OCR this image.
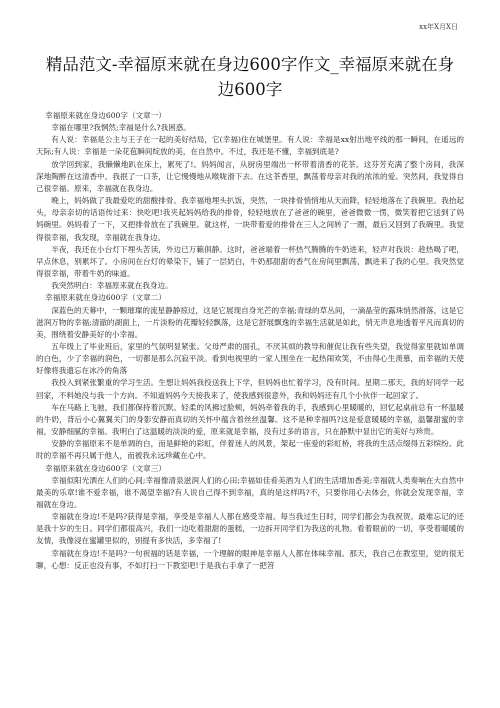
xx年X月X日
精品范文-幸福原来就在身边600字作文_幸福原来就在身边600字

幸福原来就在身边600字（文章一）

幸福在哪里?我惘然;幸福是什么?我困惑。

有人说：幸福是公主与王子在一起的美好结局，它(幸福)住在城堡里。有人说：幸福是xx射出地平线的那一瞬间，在遥远的天际;有人说：幸福是一朵花苞瞬间绽放的美，在自然中。不过，我还是不懂，幸福到底是?

放学回到家，我懒懒地趴在床上，累死了!。妈妈闻言，从厨房里端出一杯带着清香的花茶。这芬芳充满了整个房间，我深深地陶醉在这清香中。我抿了一口茶，让它慢慢地从喉咙滑下去。在这茶香里，飘荡着母亲对我的浓浓的爱。突然间，我觉得自己很幸福。原来，幸福就在我身边。

晚上，妈妈做了我最爱吃的甜酸排骨。我幸福地埋头扒饭，突然，一块排骨悄悄地从天而降，轻轻地落在了我碗里。我抬起头，母亲亲切的话语传过来：快吃吧!我夹起妈妈给我的排骨，轻轻地放在了爸爸的碗里，爸爸微微一愣，微笑着把它送到了妈妈碗里。妈妈看了一下，又把排骨放在了我碗里。就这样，一块带着爱的排骨在三人之间转了一圈，最后又回到了我碗里。我觉得很幸福，我发现，幸福就在我身边。

半夜，我还在小台灯下埋头苦读，外边已万籁俱静。这时，爸爸端着一杯热气腾腾的牛奶进来，轻声对我说：趁热喝了吧，早点休息，别累坏了。小房间在台灯的晕染下，铺了一层奶白，牛奶那甜甜的香气在房间里飘荡，飘进来了我的心里。我突然觉得很幸福，带着牛奶的味道。

我突然明白：幸福原来就在我身边。

幸福原来就在身边600字（文章二）

深蓝色的天幕中，一颗璀璨的流星静静掠过，这是它展现自身光芒的幸福;青绿的草丛间，一滴晶莹的露珠悄然滑落，这是它滋润万物的幸福;清澈的湖面上，一片淡粉的花瓣轻轻飘落，这是它舒展飘逸的幸福生活就是如此，悄无声息地透着平凡而真切的美，围绕着安静美好的小幸福。

五年级上了毕业班后，家里的气氛明显紧张。父母严肃的面孔，不厌其烦的教导和催促让我有些失望，我觉得家里就如单调的白色，少了幸福的润色，一切都是那么沉寂平淡。看到电视里的一家人围坐在一起热闹欢笑，不由得心生羡慕，而幸福的天使好像将我遗忘在冰冷的角落

我投入到紧张繁重的学习生活。生想让妈妈我投送我上下学，但妈妈也忙着学习，没有时间。星期二那天，我的好同学一起回家，不料她没与我一个方向。不知道妈妈今天接我来了，使我感到很意外，我和妈妈还有几个小伙伴一起回家了。

车在马路上飞驰，我们都保持着沉默。轻柔的风拂过脸颊，妈妈牵着我的手，我感到心里暖暖的，回忆起桌前总有一杯温暖的牛奶，背后小心翼翼关门的身影安静而真切的关怀中蕴含着丝丝温馨。这不是种幸福吗?这是爱意暖暖的幸福，温馨甜蜜的幸福，安静细腻的幸福。我明白了这温暖的淡淡的爱，原来就是幸福，没有过多的语言，只在静默中显出它的美好与珍贵。

安静的幸福原来不是单调的白，而是鲜艳的彩虹，伴着迷人的风景，架起一座爱的彩虹桥，将我的生活点缀得五彩缤纷。此时的幸福不再只属于他人，而被我永远珍藏在心中。

幸福原来就在身边600字（文章三）

幸福似阳光洒在人们的心间;幸福像清泉滋润人们的心田;幸福如佳肴美酒为人们的生活增加香美;幸福就人类奏响在大自然中最美的乐章!谁不爱幸福，谁不渴望幸福?有人说自己得不到幸福，真的是这样吗?不，只要你用心去体会，你就会发现幸福，幸福就在身边。

幸福就在身边!不是吗?获得是幸福，享受是幸福人人都在感受幸福。每当我过生日时，同学们都会为我祝贺。最难忘记的还是我十岁的生日。同学们都很高兴，我们一边吃着甜甜的蛋糕，一边拆开同学们为我送的礼物。看着眼前的一切，享受着暖暖的友情，我像浸在蜜罐里似的，别提有多快活，多幸福了!

幸福就在身边!不是吗?一句祝福的话是幸福，一个理解的眼神是幸福人人都在体味幸福。那天，我自己在教室里，觉的很无聊，心想：反正也没有事，不如打扫一下教室吧!于是我右手拿了一把笤
